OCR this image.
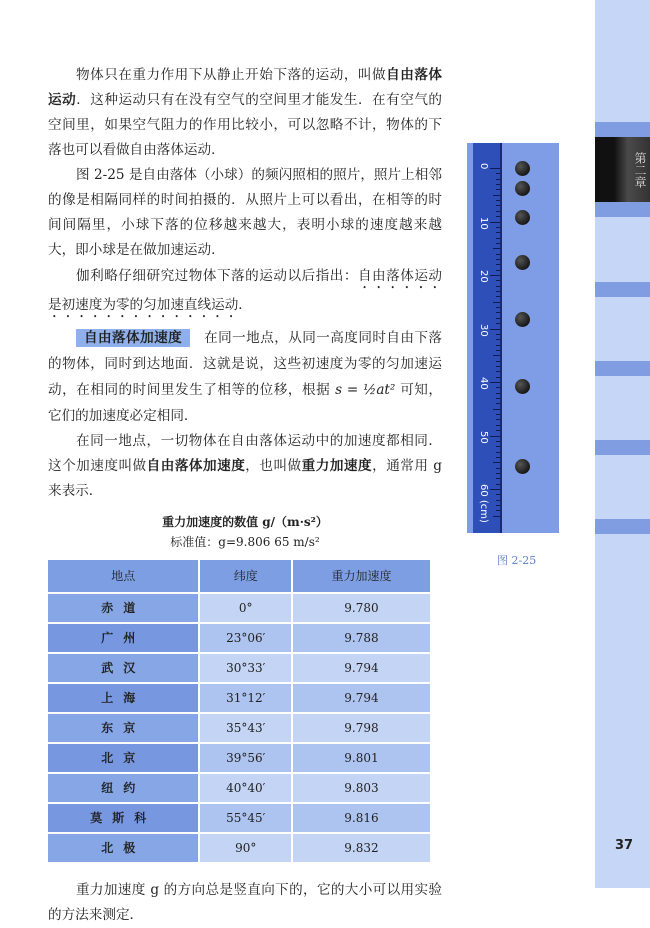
第二章

物体只在重力作用下从静止开始下落的运动，叫做自由落体运动．这种运动只有在没有空气的空间里才能发生．在有空气的空间里，如果空气阻力的作用比较小，可以忽略不计，物体的下落也可以看做自由落体运动．

图 2-25 是自由落体（小球）的频闪照相的照片，照片上相邻的像是相隔同样的时间拍摄的．从照片上可以看出，在相等的时间间隔里，小球下落的位移越来越大，表明小球的速度越来越大，即小球是在做加速运动．

伽利略仔细研究过物体下落的运动以后指出：自由落体运动是初速度为零的匀加速直线运动．

自由落体加速度 在同一地点，从同一高度同时自由下落的物体，同时到达地面．这就是说，这些初速度为零的匀加速运动，在相同的时间里发生了相等的位移，根据 s = ½at² 可知，它们的加速度必定相同．

在同一地点，一切物体在自由落体运动中的加速度都相同．这个加速度叫做自由落体加速度，也叫做重力加速度，通常用 g 来表示．

重力加速度的数值 g/（m·s²）

标准值：g=9.806 65 m/s²

地点	纬度	重力加速度
赤道	0°	9.780
广州	23°06′	9.788
武汉	30°33′	9.794
上海	31°12′	9.794
东京	35°43′	9.798
北京	39°56′	9.801
纽约	40°40′	9.803
莫斯科	55°45′	9.816
北极	90°	9.832

重力加速度 g 的方向总是竖直向下的，它的大小可以用实验的方法来测定．

0
10
20
30
40
50
60 (cm)
图 2-25
37
